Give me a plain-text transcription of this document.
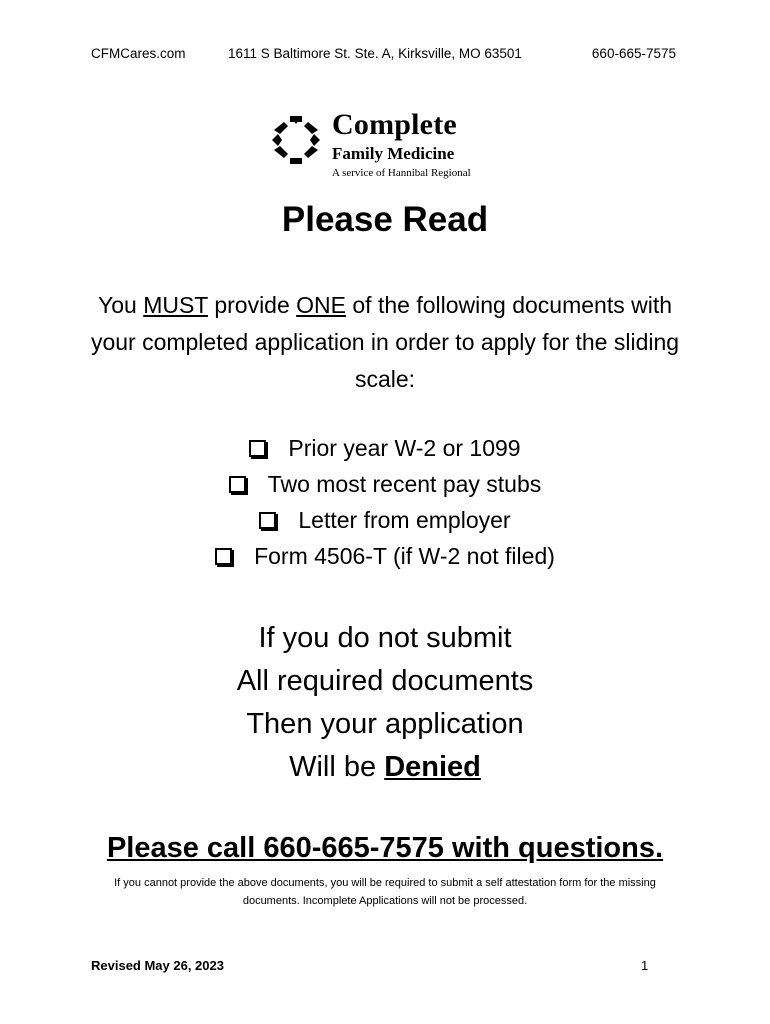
CFMCares.com	1611 S Baltimore St. Ste. A, Kirksville, MO 63501	660-665-7575
Complete
Family Medicine
A service of Hannibal Regional
Please Read
You MUST provide ONE of the following documents with your completed application in order to apply for the sliding scale:
Prior year W-2 or 1099
Two most recent pay stubs
Letter from employer
Form 4506-T (if W-2 not filed)
If you do not submit
All required documents
Then your application
Will be Denied
Please call 660-665-7575 with questions.
If you cannot provide the above documents, you will be required to submit a self attestation form for the missing documents. Incomplete Applications will not be processed.
Revised May 26, 2023	1
